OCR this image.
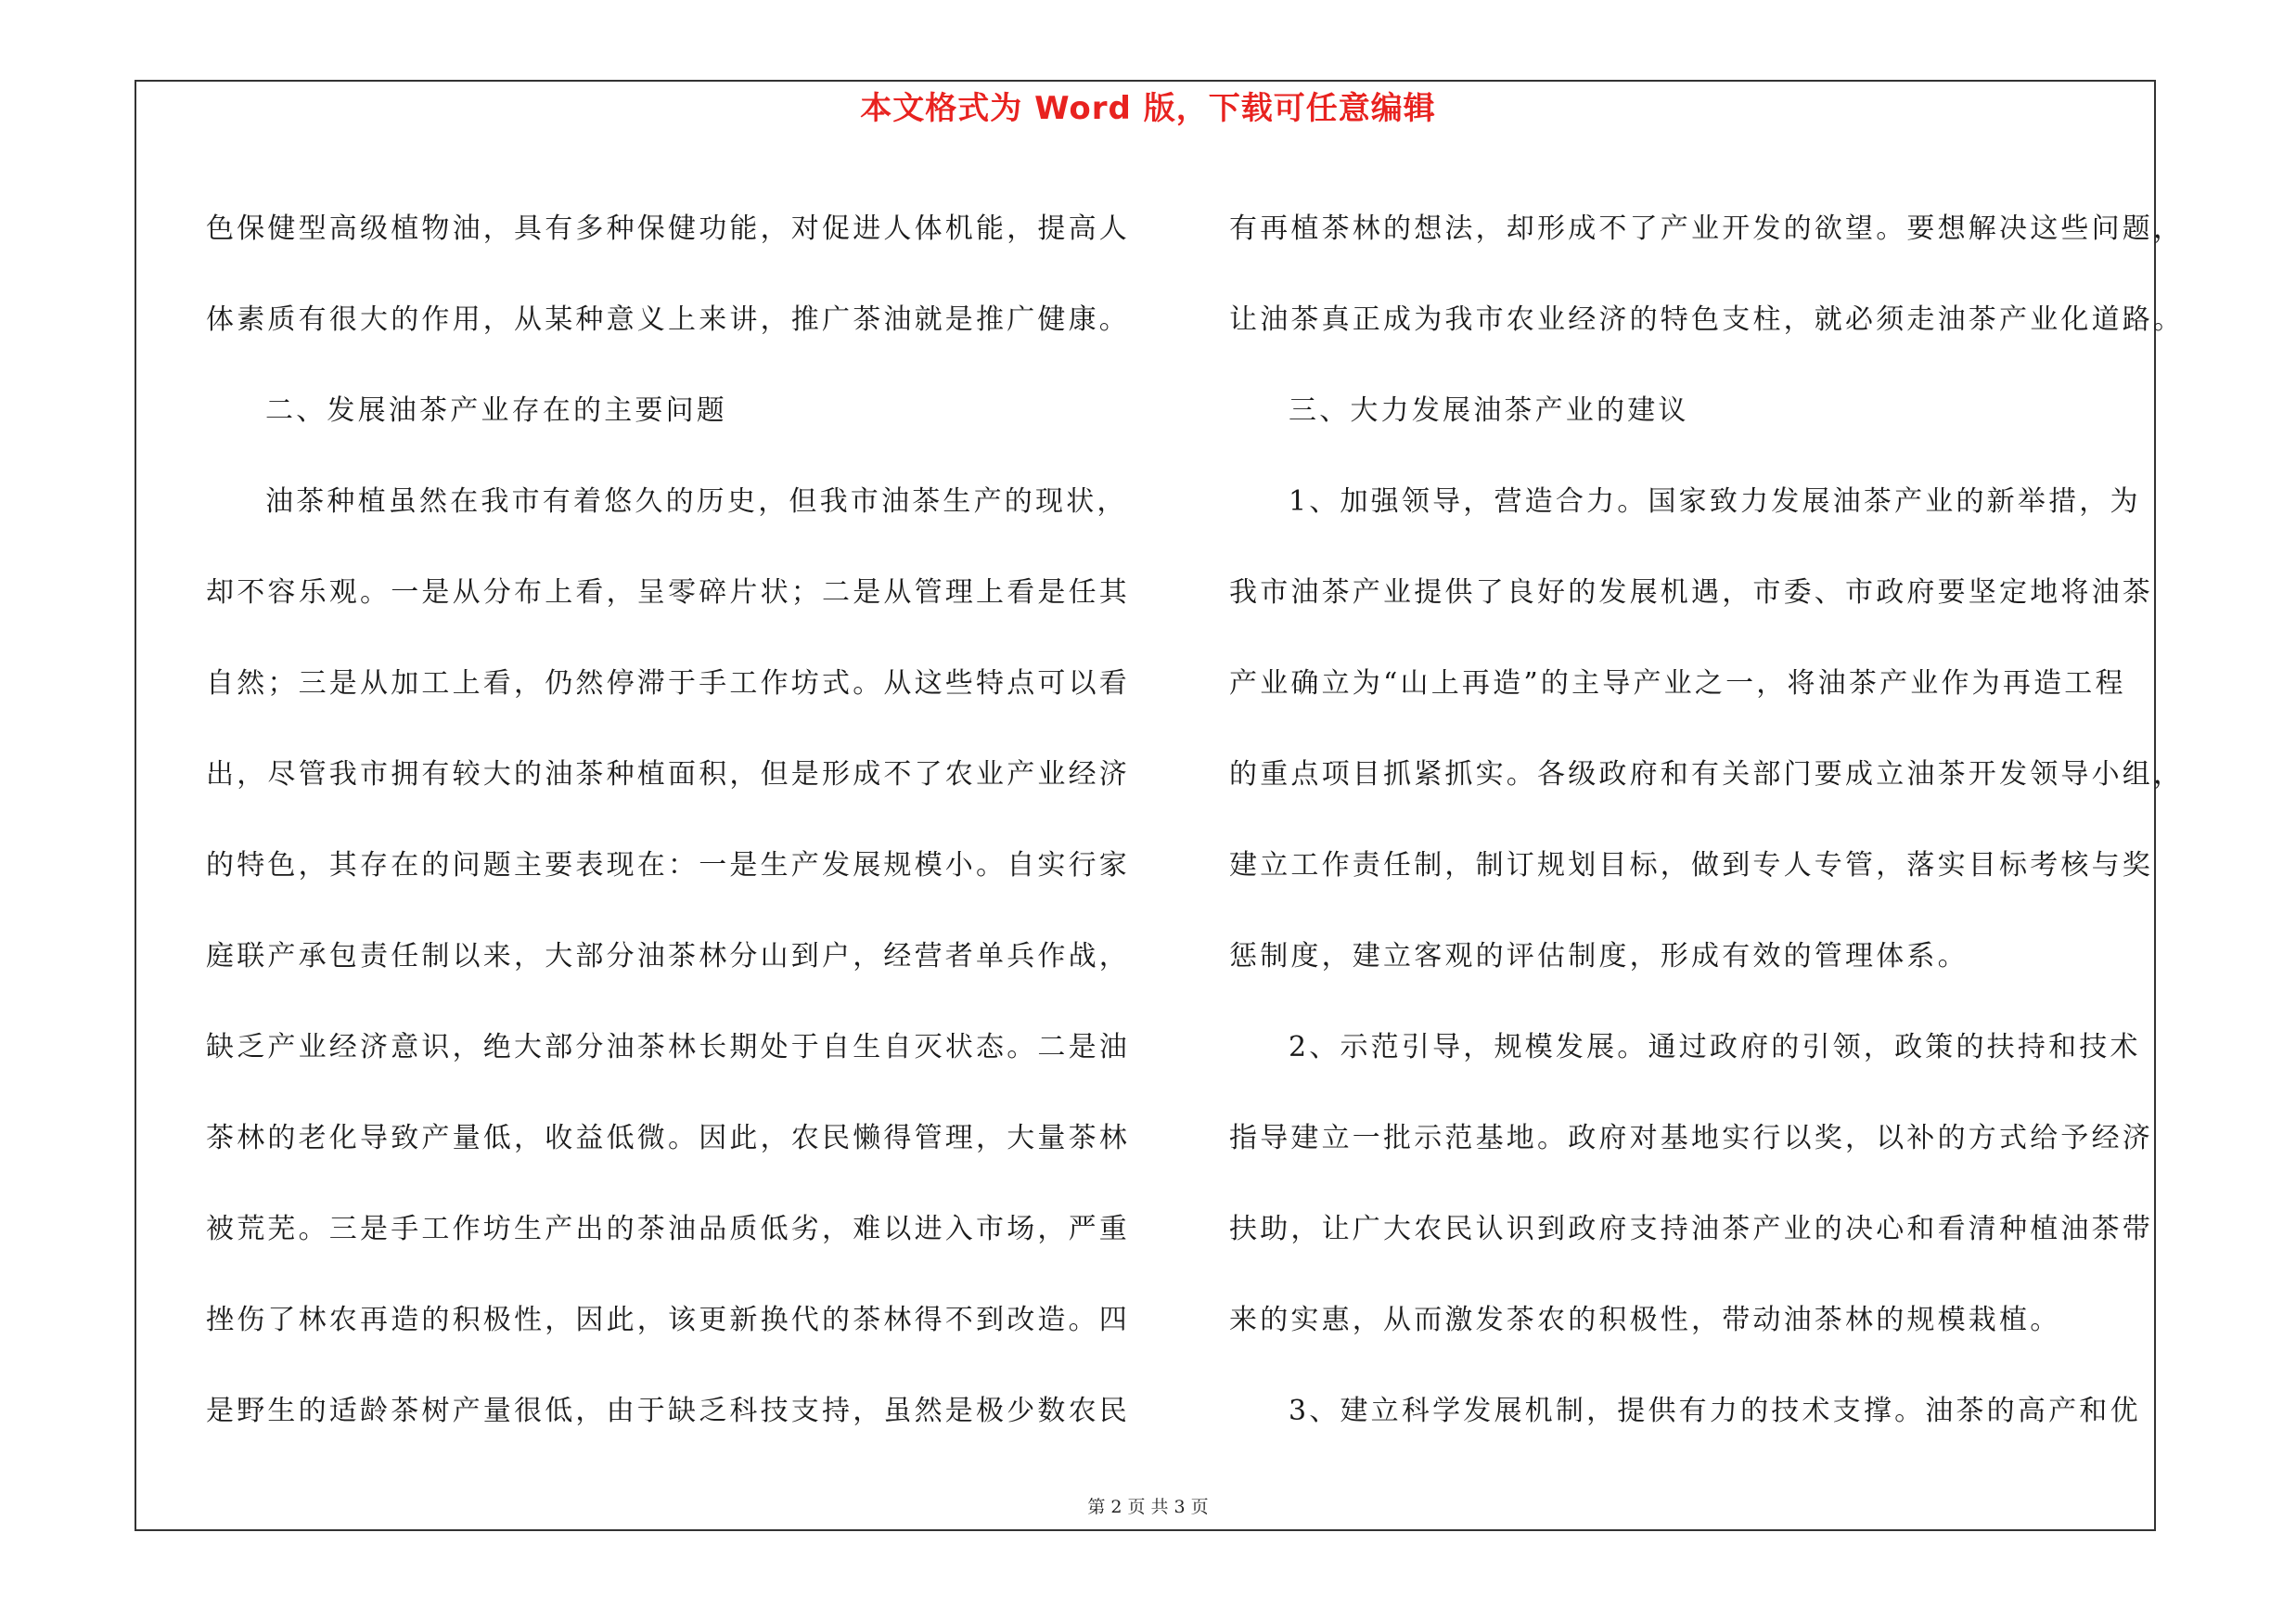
本文格式为 Word 版，下载可任意编辑
色保健型高级植物油，具有多种保健功能，对促进人体机能，提高人
体素质有很大的作用，从某种意义上来讲，推广茶油就是推广健康。
二、发展油茶产业存在的主要问题
油茶种植虽然在我市有着悠久的历史，但我市油茶生产的现状，
却不容乐观。一是从分布上看，呈零碎片状；二是从管理上看是任其
自然；三是从加工上看，仍然停滞于手工作坊式。从这些特点可以看
出，尽管我市拥有较大的油茶种植面积，但是形成不了农业产业经济
的特色，其存在的问题主要表现在：一是生产发展规模小。自实行家
庭联产承包责任制以来，大部分油茶林分山到户，经营者单兵作战，
缺乏产业经济意识，绝大部分油茶林长期处于自生自灭状态。二是油
茶林的老化导致产量低，收益低微。因此，农民懒得管理，大量茶林
被荒芜。三是手工作坊生产出的茶油品质低劣，难以进入市场，严重
挫伤了林农再造的积极性，因此，该更新换代的茶林得不到改造。四
是野生的适龄茶树产量很低，由于缺乏科技支持，虽然是极少数农民
有再植茶林的想法，却形成不了产业开发的欲望。要想解决这些问题，
让油茶真正成为我市农业经济的特色支柱，就必须走油茶产业化道路。
三、大力发展油茶产业的建议
1、加强领导，营造合力。国家致力发展油茶产业的新举措，为
我市油茶产业提供了良好的发展机遇，市委、市政府要坚定地将油茶
产业确立为“山上再造”的主导产业之一，将油茶产业作为再造工程
的重点项目抓紧抓实。各级政府和有关部门要成立油茶开发领导小组，
建立工作责任制，制订规划目标，做到专人专管，落实目标考核与奖
惩制度，建立客观的评估制度，形成有效的管理体系。
2、示范引导，规模发展。通过政府的引领，政策的扶持和技术
指导建立一批示范基地。政府对基地实行以奖，以补的方式给予经济
扶助，让广大农民认识到政府支持油茶产业的决心和看清种植油茶带
来的实惠，从而激发茶农的积极性，带动油茶林的规模栽植。
3、建立科学发展机制，提供有力的技术支撑。油茶的高产和优
第 2 页 共 3 页
